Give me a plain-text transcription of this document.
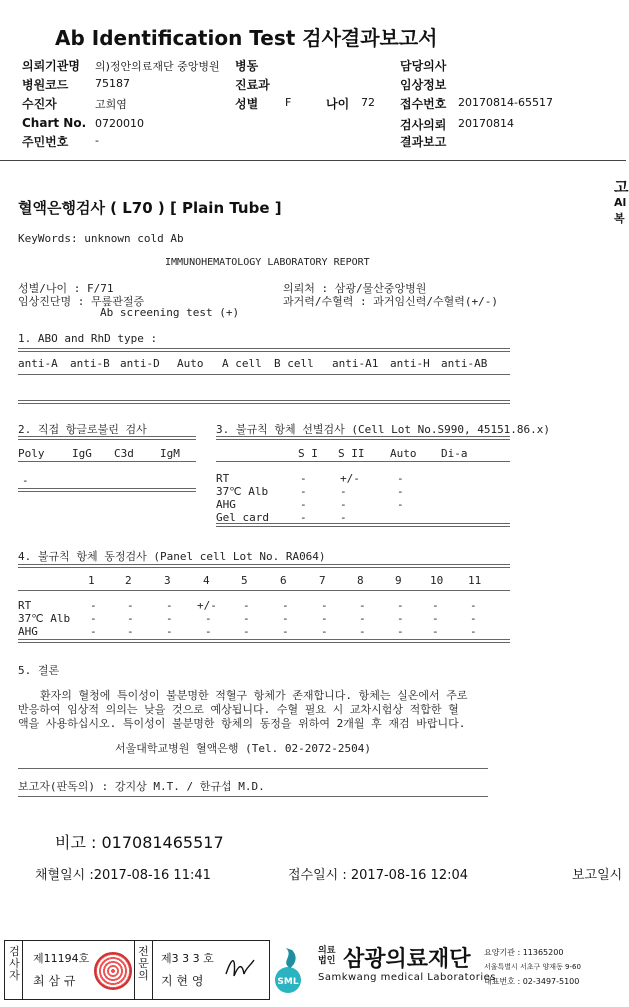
Ab Identification Test 검사결과보고서
의뢰기관명 의)정안의료재단 중앙병원 병동	담당의사
병원코드 75187	진료과	임상정보
수진자	고희염	성별 F	나이 72 접수번호 20170814-65517
Chart No. 0720010	검사의뢰 20170814
주민번호 -	결과보고
혈액은행검사 ( L70 ) [ Plain Tube ]
고
Al
복
KeyWords: unknown cold Ab
IMMUNOHEMATOLOGY LABORATORY REPORT
성별/나이 : F/71	의뢰처 : 삼광/물산중앙병원
임상진단명 : 무릎관절증	과거력/수혈력 : 과거임신력/수혈력(+/-)
Ab screening test (+)
1. ABO and RhD type :
anti-A anti-B anti-D Auto A cell B cell anti-A1 anti-H anti-AB
2. 직접 항글로불린 검사
Poly	IgG C3d IgM
-
3. 불규칙 항체 선별검사 (Cell Lot No.S990, 45151.86.x)
S I S II Auto Di-a
RT	-	+/-	-
37℃ Alb	-	-	-
AHG	-	-	-
Gel card	-	-
4. 불규칙 항체 동정검사 (Panel cell Lot No. RA064)
1	2	3	4	5	6	7	8	9	10 11
RT	-	-	- +/- -	-	-	-	-	-	-
37℃ Alb -	-	-	-	-	-	-	-	-	-	-
AHG	-	-	-	-	-	-	-	-	-	-	-
5. 결론
환자의 혈청에 특이성이 불분명한 적혈구 항체가 존재합니다. 항체는 실온에서 주로
반응하여 임상적 의의는 낮을 것으로 예상됩니다. 수혈 필요 시 교차시험상 적합한 혈
액을 사용하십시오. 특이성이 불분명한 항체의 동정을 위하여 2개월 후 재검 바랍니다.
서울대학교병원 혈액은행 (Tel. 02-2072-2504)
보고자(판독의) : 강지상 M.T. / 한규섭 M.D.
비고 : 017081465517
채혈일시 :2017-08-16 11:41	접수일시 : 2017-08-16 12:04	보고일시
검사자
제11194호
최 삼 규
전문의
제3 3 3 호
지 현 영	SML
의료법인 삼광의료재단
Samkwang medical Laboratories
요양기관 : 11365200
서울특별시 서초구 양재동 9-60
대표번호 : 02-3497-5100
